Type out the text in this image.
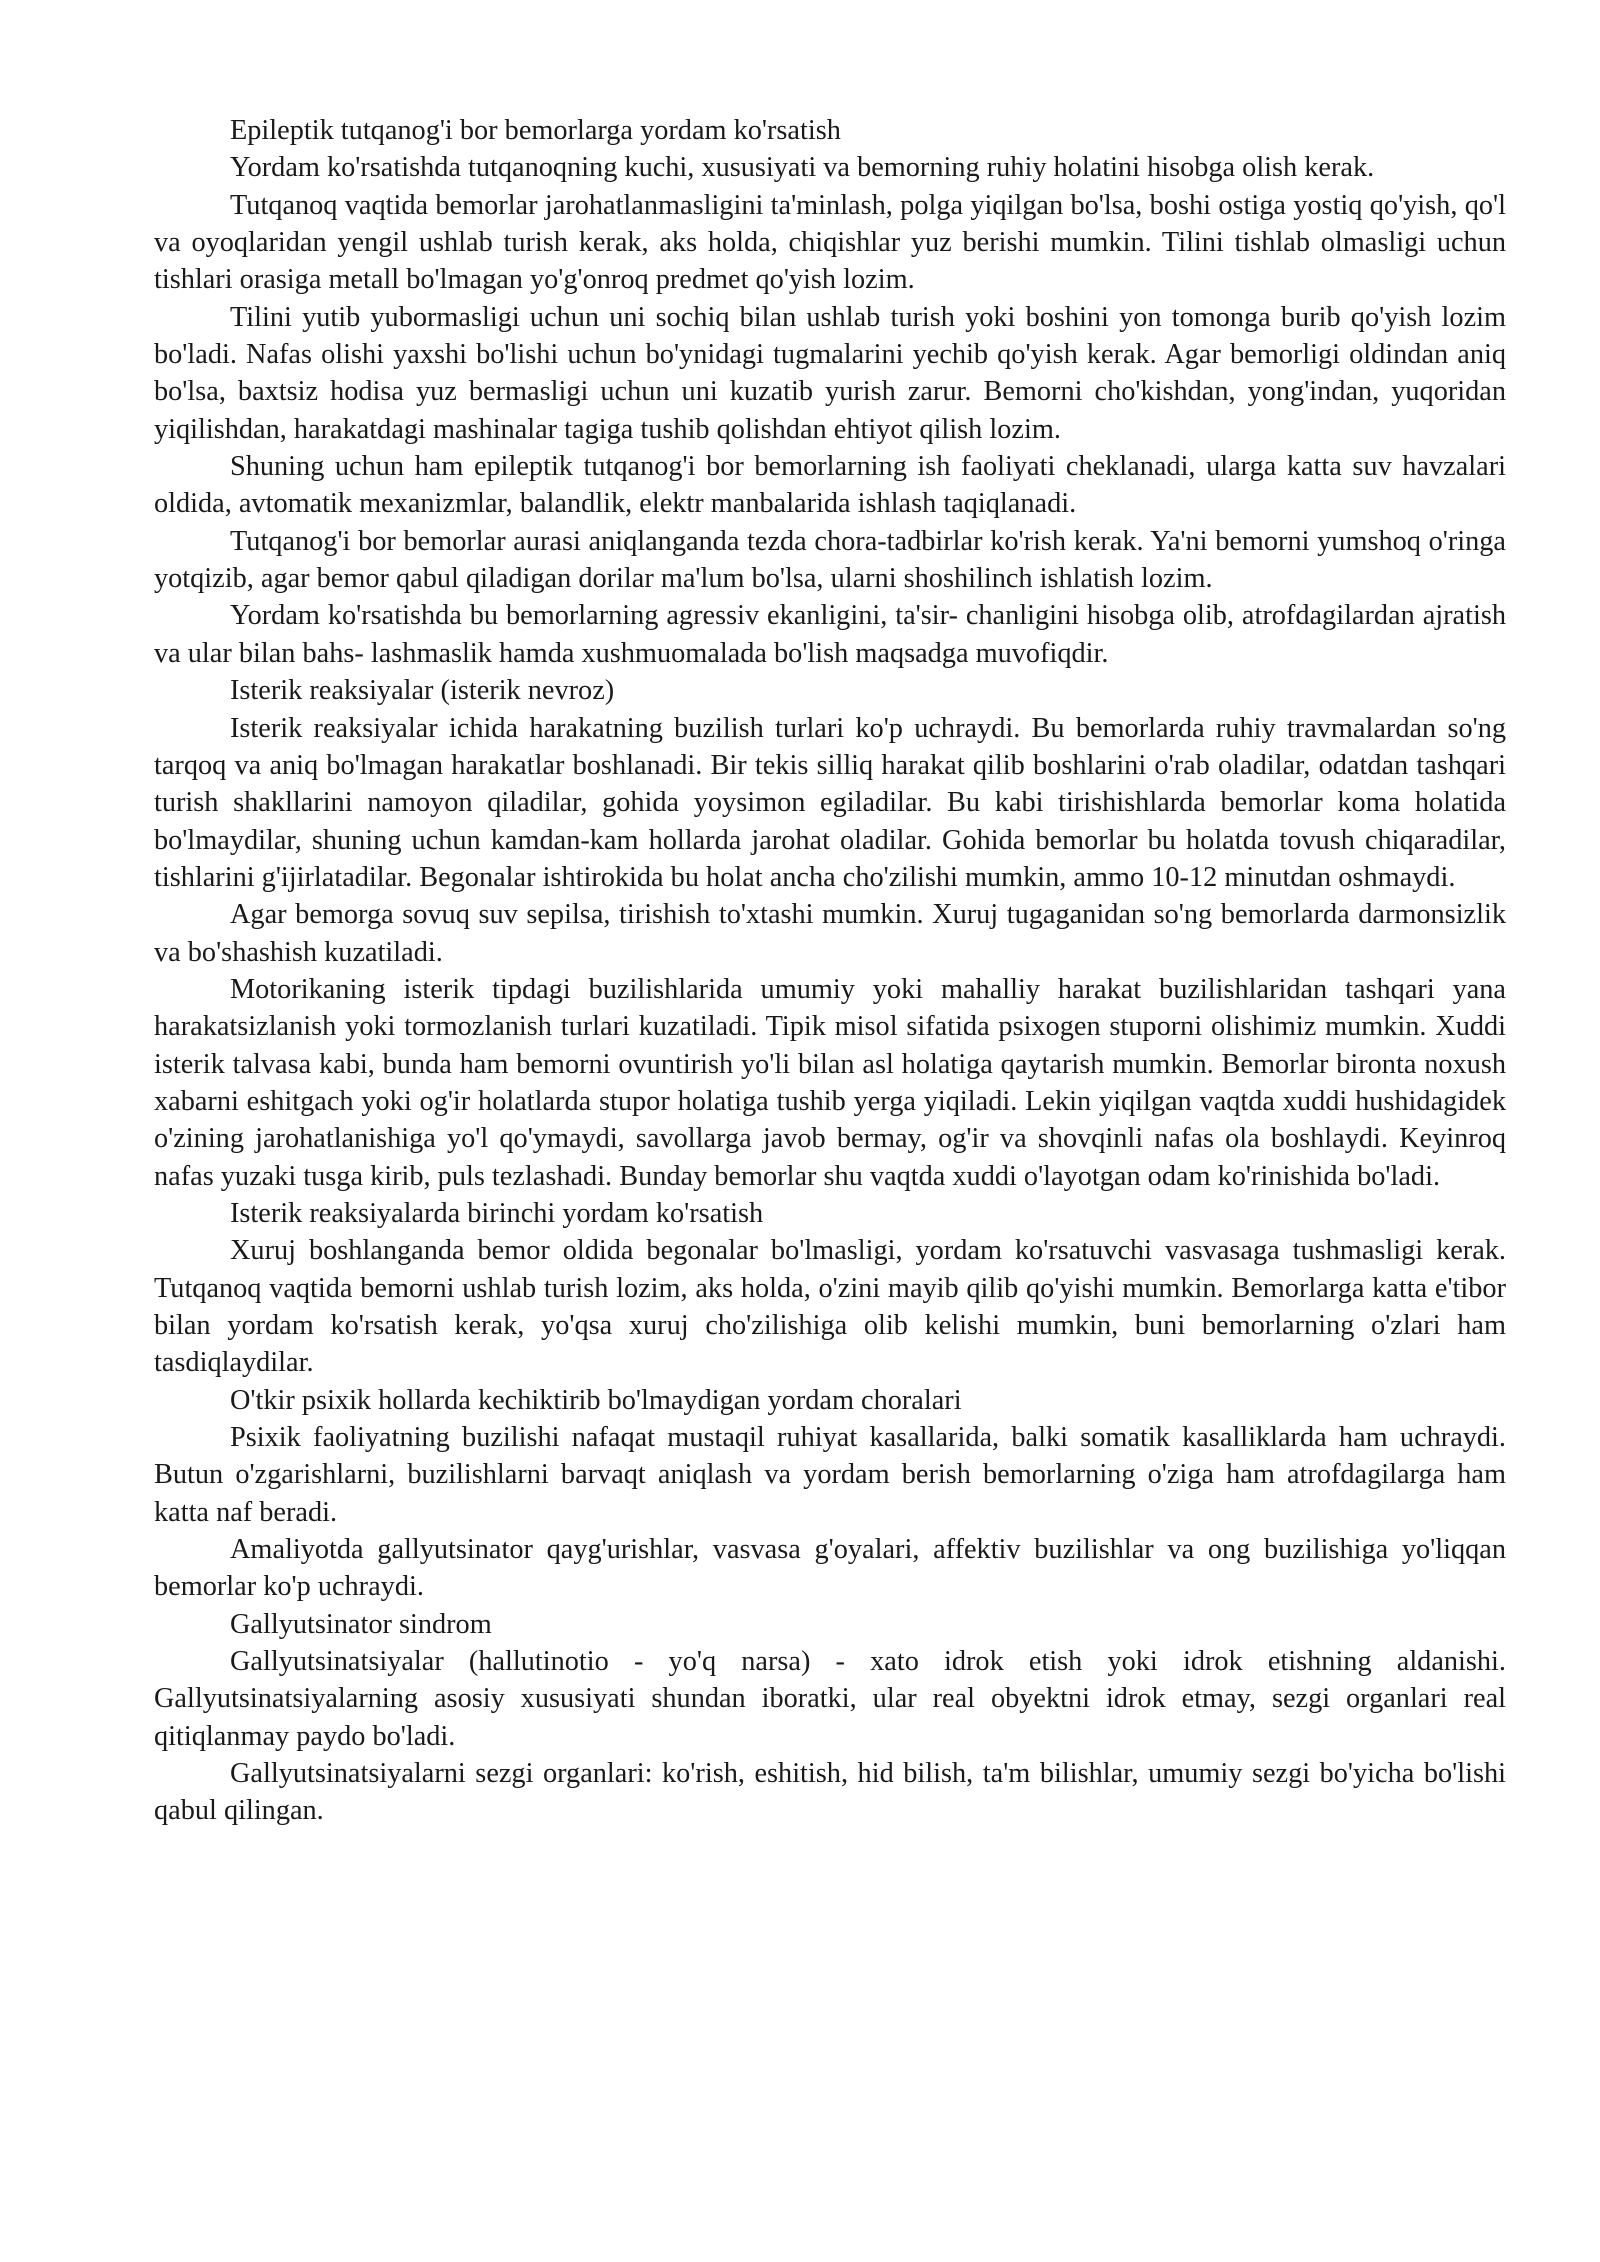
Epileptik tutqanog'i bor bemorlarga yordam ko'rsatish

Yordam ko'rsatishda tutqanoqning kuchi, xususiyati va bemorning ruhiy holatini hisobga olish kerak.

Tutqanoq vaqtida bemorlar jarohatlanmasligini ta'minlash, polga yiqilgan bo'lsa, boshi ostiga yostiq qo'yish, qo'l va oyoqlaridan yengil ushlab turish kerak, aks holda, chiqishlar yuz berishi mumkin. Tilini tishlab olmasligi uchun tishlari orasiga metall bo'lmagan yo'g'onroq predmet qo'yish lozim.

Tilini yutib yubormasligi uchun uni sochiq bilan ushlab turish yoki boshini yon tomonga burib qo'yish lozim bo'ladi. Nafas olishi yaxshi bo'lishi uchun bo'ynidagi tugmalarini yechib qo'yish kerak. Agar bemorligi oldindan aniq bo'lsa, baxtsiz hodisa yuz bermasligi uchun uni kuzatib yurish zarur. Bemorni cho'kishdan, yong'indan, yuqoridan yiqilishdan, harakatdagi mashinalar tagiga tushib qolishdan ehtiyot qilish lozim.

Shuning uchun ham epileptik tutqanog'i bor bemorlarning ish faoliyati cheklanadi, ularga katta suv havzalari oldida, avtomatik mexanizmlar, balandlik, elektr manbalarida ishlash taqiqlanadi.

Tutqanog'i bor bemorlar aurasi aniqlanganda tezda chora-tadbirlar ko'rish kerak. Ya'ni bemorni yumshoq o'ringa yotqizib, agar bemor qabul qiladigan dorilar ma'lum bo'lsa, ularni shoshilinch ishlatish lozim.

Yordam ko'rsatishda bu bemorlarning agressiv ekanligini, ta'sir- chanligini hisobga olib, atrofdagilardan ajratish va ular bilan bahs- lashmaslik hamda xushmuomalada bo'lish maqsadga muvofiqdir.

Isterik reaksiyalar (isterik nevroz)

Isterik reaksiyalar ichida harakatning buzilish turlari ko'p uchraydi. Bu bemorlarda ruhiy travmalardan so'ng tarqoq va aniq bo'lmagan harakatlar boshlanadi. Bir tekis silliq harakat qilib boshlarini o'rab oladilar, odatdan tashqari turish shakllarini namoyon qiladilar, gohida yoysimon egiladilar. Bu kabi tirishishlarda bemorlar koma holatida bo'lmaydilar, shuning uchun kamdan-kam hollarda jarohat oladilar. Gohida bemorlar bu holatda tovush chiqaradilar, tishlarini g'ijirlatadilar. Begonalar ishtirokida bu holat ancha cho'zilishi mumkin, ammo 10-12 minutdan oshmaydi.

Agar bemorga sovuq suv sepilsa, tirishish to'xtashi mumkin. Xuruj tugaganidan so'ng bemorlarda darmonsizlik va bo'shashish kuzatiladi.

Motorikaning isterik tipdagi buzilishlarida umumiy yoki mahalliy harakat buzilishlaridan tashqari yana harakatsizlanish yoki tormozlanish turlari kuzatiladi. Tipik misol sifatida psixogen stuporni olishimiz mumkin. Xuddi isterik talvasa kabi, bunda ham bemorni ovuntirish yo'li bilan asl holatiga qaytarish mumkin. Bemorlar bironta noxush xabarni eshitgach yoki og'ir holatlarda stupor holatiga tushib yerga yiqiladi. Lekin yiqilgan vaqtda xuddi hushidagidek o'zining jarohatlanishiga yo'l qo'ymaydi, savollarga javob bermay, og'ir va shovqinli nafas ola boshlaydi. Keyinroq nafas yuzaki tusga kirib, puls tezlashadi. Bunday bemorlar shu vaqtda xuddi o'layotgan odam ko'rinishida bo'ladi.

Isterik reaksiyalarda birinchi yordam ko'rsatish

Xuruj boshlanganda bemor oldida begonalar bo'lmasligi, yordam ko'rsatuvchi vasvasaga tushmasligi kerak. Tutqanoq vaqtida bemorni ushlab turish lozim, aks holda, o'zini mayib qilib qo'yishi mumkin. Bemorlarga katta e'tibor bilan yordam ko'rsatish kerak, yo'qsa xuruj cho'zilishiga olib kelishi mumkin, buni bemorlarning o'zlari ham tasdiqlaydilar.

O'tkir psixik hollarda kechiktirib bo'lmaydigan yordam choralari

Psixik faoliyatning buzilishi nafaqat mustaqil ruhiyat kasallarida, balki somatik kasalliklarda ham uchraydi. Butun o'zgarishlarni, buzilishlarni barvaqt aniqlash va yordam berish bemorlarning o'ziga ham atrofdagilarga ham katta naf beradi.

Amaliyotda gallyutsinator qayg'urishlar, vasvasa g'oyalari, affektiv buzilishlar va ong buzilishiga yo'liqqan bemorlar ko'p uchraydi.

Gallyutsinator sindrom

Gallyutsinatsiyalar (hallutinotio - yo'q narsa) - xato idrok etish yoki idrok etishning aldanishi. Gallyutsinatsiyalarning asosiy xususiyati shundan iboratki, ular real obyektni idrok etmay, sezgi organlari real qitiqlanmay paydo bo'ladi.

Gallyutsinatsiyalarni sezgi organlari: ko'rish, eshitish, hid bilish, ta'm bilishlar, umumiy sezgi bo'yicha bo'lishi qabul qilingan.
